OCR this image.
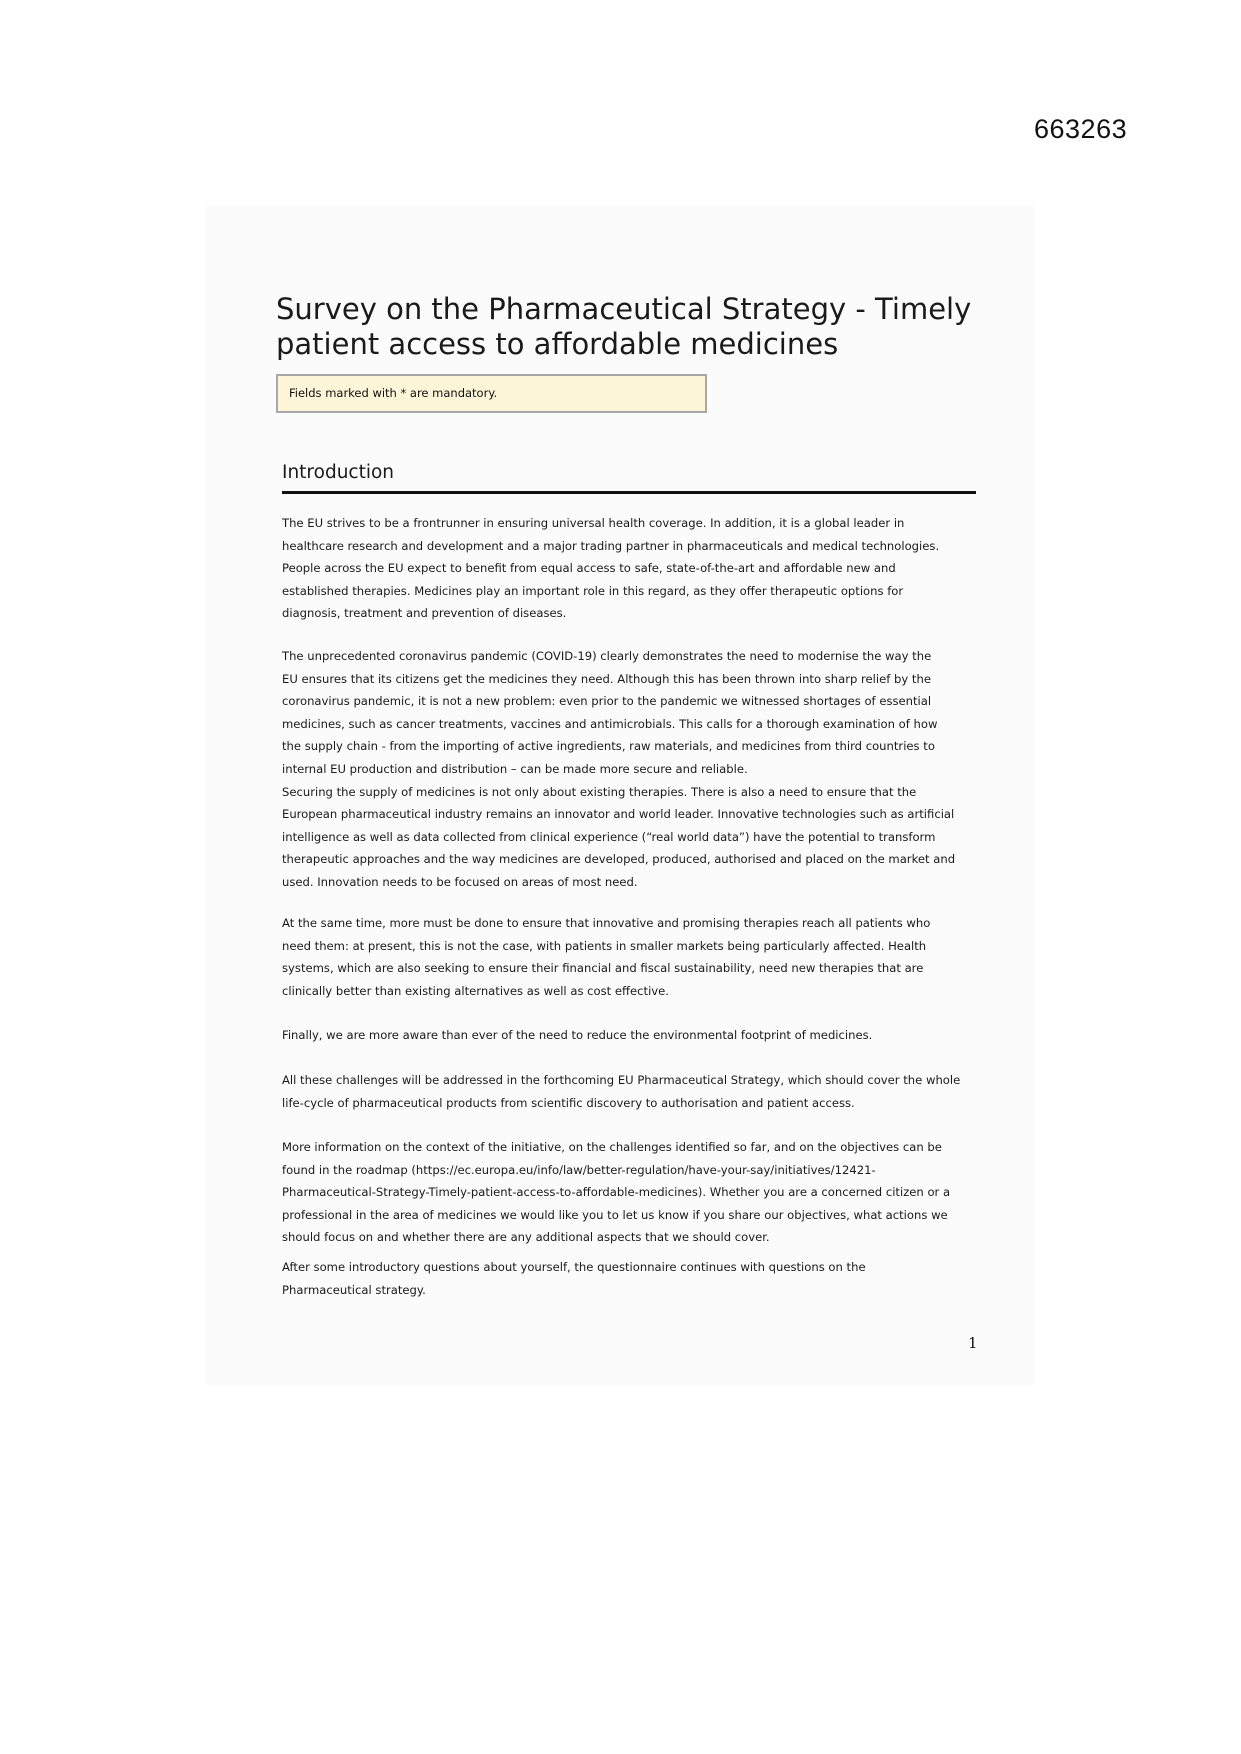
663263
Survey on the Pharmaceutical Strategy - Timely
patient access to affordable medicines
Fields marked with * are mandatory.
Introduction

The EU strives to be a frontrunner in ensuring universal health coverage. In addition, it is a global leader in
healthcare research and development and a major trading partner in pharmaceuticals and medical technologies.
People across the EU expect to benefit from equal access to safe, state-of-the-art and affordable new and
established therapies. Medicines play an important role in this regard, as they offer therapeutic options for
diagnosis, treatment and prevention of diseases.

The unprecedented coronavirus pandemic (COVID-19) clearly demonstrates the need to modernise the way the
EU ensures that its citizens get the medicines they need. Although this has been thrown into sharp relief by the
coronavirus pandemic, it is not a new problem: even prior to the pandemic we witnessed shortages of essential
medicines, such as cancer treatments, vaccines and antimicrobials. This calls for a thorough examination of how
the supply chain - from the importing of active ingredients, raw materials, and medicines from third countries to
internal EU production and distribution – can be made more secure and reliable.
Securing the supply of medicines is not only about existing therapies. There is also a need to ensure that the
European pharmaceutical industry remains an innovator and world leader. Innovative technologies such as artificial
intelligence as well as data collected from clinical experience (“real world data”) have the potential to transform
therapeutic approaches and the way medicines are developed, produced, authorised and placed on the market and
used. Innovation needs to be focused on areas of most need.

At the same time, more must be done to ensure that innovative and promising therapies reach all patients who
need them: at present, this is not the case, with patients in smaller markets being particularly affected. Health
systems, which are also seeking to ensure their financial and fiscal sustainability, need new therapies that are
clinically better than existing alternatives as well as cost effective.

Finally, we are more aware than ever of the need to reduce the environmental footprint of medicines.

All these challenges will be addressed in the forthcoming EU Pharmaceutical Strategy, which should cover the whole
life-cycle of pharmaceutical products from scientific discovery to authorisation and patient access.

More information on the context of the initiative, on the challenges identified so far, and on the objectives can be
found in the roadmap (https://ec.europa.eu/info/law/better-regulation/have-your-say/initiatives/12421-
Pharmaceutical-Strategy-Timely-patient-access-to-affordable-medicines). Whether you are a concerned citizen or a
professional in the area of medicines we would like you to let us know if you share our objectives, what actions we
should focus on and whether there are any additional aspects that we should cover.

After some introductory questions about yourself, the questionnaire continues with questions on the
Pharmaceutical strategy.

1
